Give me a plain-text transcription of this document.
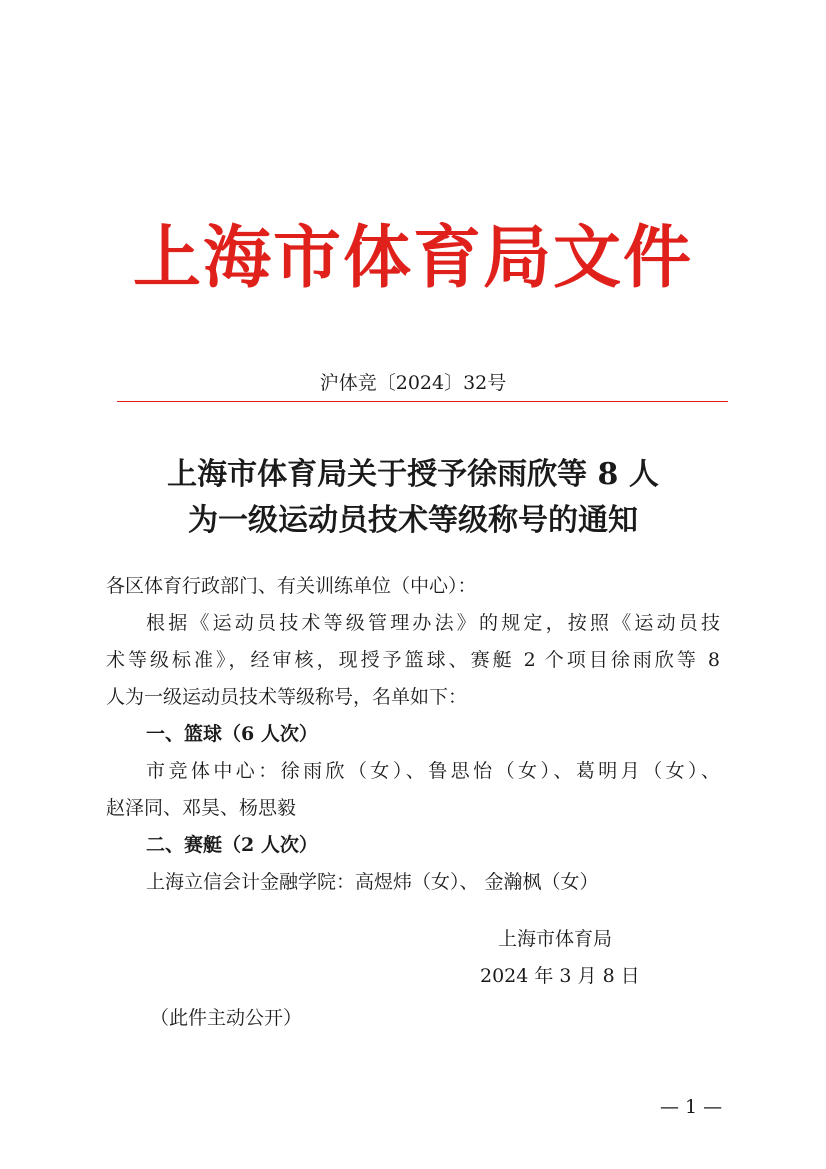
上海市体育局文件
沪体竞〔2024〕32号
上海市体育局关于授予徐雨欣等 8 人
为一级运动员技术等级称号的通知
各区体育行政部门、有关训练单位（中心）：
根据《运动员技术等级管理办法》的规定，按照《运动员技
术等级标准》，经审核，现授予篮球、赛艇 2 个项目徐雨欣等 8
人为一级运动员技术等级称号，名单如下：
一、篮球（6 人次）
市竞体中心：徐雨欣（女）、鲁思怡（女）、葛明月（女）、
赵泽同、邓昊、杨思毅
二、赛艇（2 人次）
上海立信会计金融学院：高煜炜（女）、 金瀚枫（女）
上海市体育局
2024 年 3 月 8 日
（此件主动公开）
— 1 —
